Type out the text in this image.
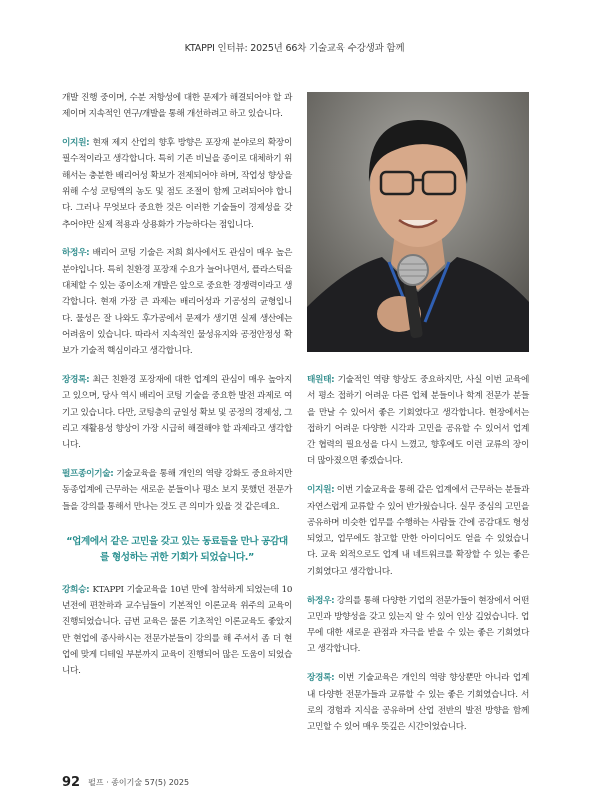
KTAPPI 인터뷰: 2025년 66차 기술교육 수강생과 함께

개발 진행 중이며, 수분 저항성에 대한 문제가 해결되어야 할 과제이며 지속적인 연구/개발을 통해 개선하려고 하고 있습니다.

이지원: 현재 제지 산업의 향후 방향은 포장재 분야로의 확장이 필수적이라고 생각합니다. 특히 기존 비닐을 종이로 대체하기 위해서는 충분한 배리어성 확보가 전제되어야 하며, 작업성 향상을 위해 수성 코팅액의 농도 및 점도 조절이 함께 고려되어야 합니다. 그러나 무엇보다 중요한 것은 이러한 기술들이 경제성을 갖추어야만 실제 적용과 상용화가 가능하다는 점입니다.

하정우: 배리어 코팅 기술은 저희 회사에서도 관심이 매우 높은 분야입니다. 특히 친환경 포장재 수요가 늘어나면서, 플라스틱을 대체할 수 있는 종이소재 개발은 앞으로 중요한 경쟁력이라고 생각합니다. 현재 가장 큰 과제는 배리어성과 기공성의 균형입니다. 물성은 잘 나와도 후가공에서 문제가 생기면 실제 생산에는 어려움이 있습니다. 따라서 지속적인 물성유지와 공정안정성 확보가 기술적 핵심이라고 생각합니다.

장경록: 최근 친환경 포장재에 대한 업계의 관심이 매우 높아지고 있으며, 당사 역시 배리어 코팅 기술을 중요한 발전 과제로 여기고 있습니다. 다만, 코팅층의 균일성 확보 및 공정의 경제성, 그리고 재활용성 향상이 가장 시급히 해결해야 할 과제라고 생각합니다.

펄프종이기술: 기술교육을 통해 개인의 역량 강화도 중요하지만 동종업계에 근무하는 새로운 분들이나 평소 보지 못했던 전문가들을 강의를 통해서 만나는 것도 큰 의미가 있을 것 같은데요.

“업계에서 같은 고민을 갖고 있는 동료들을 만나 공감대를 형성하는 귀한 기회가 되었습니다.”

강희승: KTAPPI 기술교육을 10년 만에 참석하게 되었는데 10년전에 편찬하과 교수님들이 기본적인 이론교육 위주의 교육이 진행되었습니다. 금번 교육은 물론 기초적인 이론교육도 좋았지만 현업에 종사하시는 전문가분들이 강의를 해 주셔서 좀 더 현업에 맞게 디테일 부분까지 교육이 진행되어 많은 도움이 되었습니다.

태원태: 기술적인 역량 향상도 중요하지만, 사실 이번 교육에서 평소 접하기 어려운 다른 업체 분들이나 학계 전문가 분들을 만날 수 있어서 좋은 기회였다고 생각합니다. 현장에서는 접하기 어려운 다양한 시각과 고민을 공유할 수 있어서 업계 간 협력의 필요성을 다시 느꼈고, 향후에도 이런 교류의 장이 더 많아졌으면 좋겠습니다.

이지원: 이번 기술교육을 통해 같은 업계에서 근무하는 분들과 자연스럽게 교류할 수 있어 반가웠습니다. 실무 중심의 고민을 공유하며 비슷한 업무를 수행하는 사람들 간에 공감대도 형성되었고, 업무에도 참고할 만한 아이디어도 얻을 수 있었습니다. 교육 외적으로도 업계 내 네트워크를 확장할 수 있는 좋은 기회였다고 생각합니다.

하정우: 강의를 통해 다양한 기업의 전문가들이 현장에서 어떤 고민과 방향성을 갖고 있는지 알 수 있어 인상 깊었습니다. 업무에 대한 새로운 관점과 자극을 받을 수 있는 좋은 기회였다고 생각합니다.

장경록: 이번 기술교육은 개인의 역량 향상뿐만 아니라 업계 내 다양한 전문가들과 교류할 수 있는 좋은 기회였습니다. 서로의 경험과 지식을 공유하며 산업 전반의 발전 방향을 함께 고민할 수 있어 매우 뜻깊은 시간이었습니다.

92 펄프 · 종이기술 57(5) 2025
